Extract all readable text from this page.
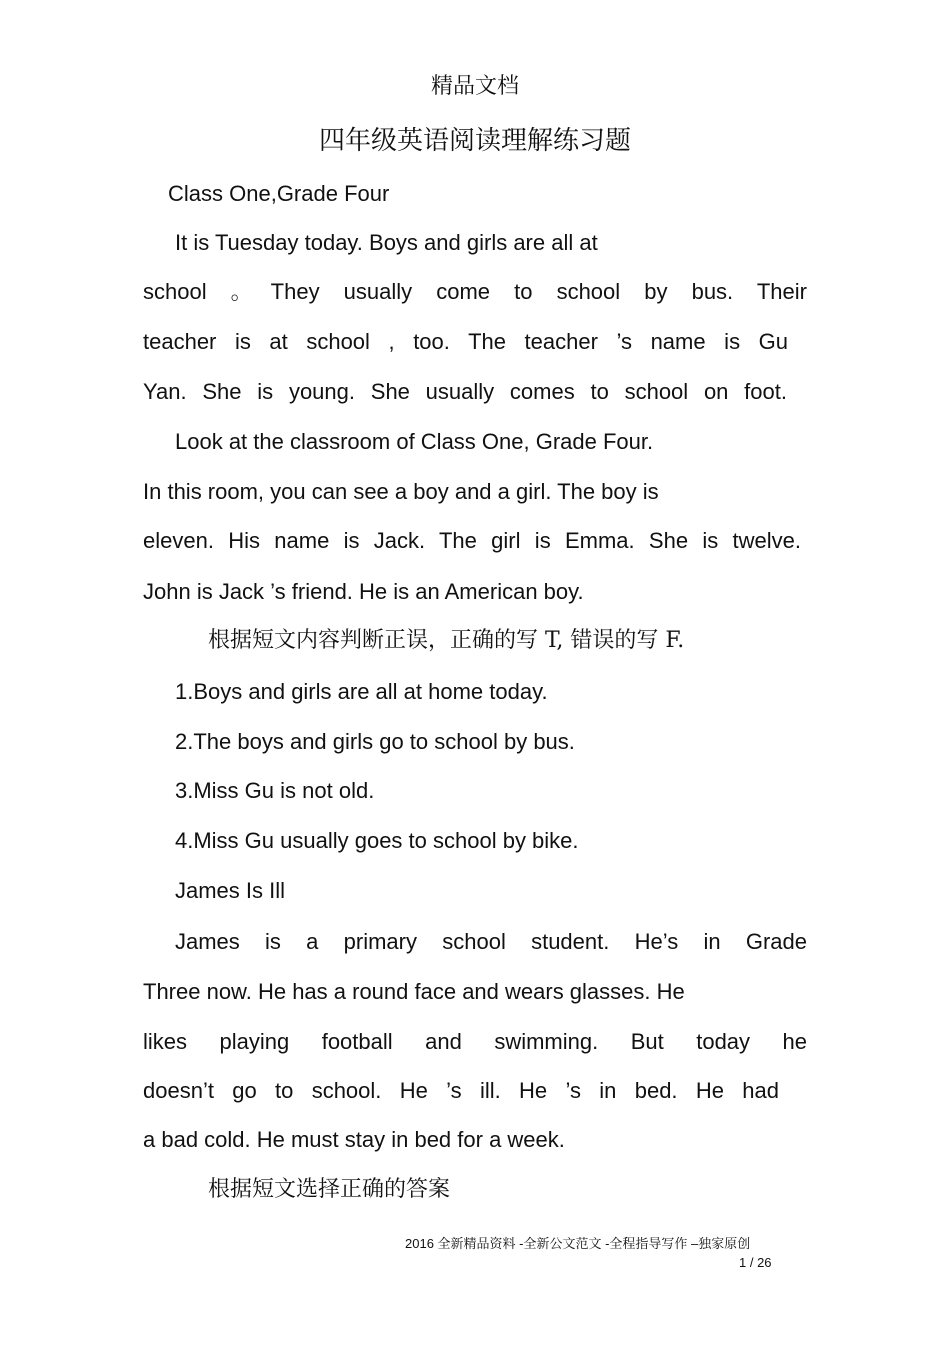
精品文档
四年级英语阅读理解练习题
Class One,Grade Four
It is Tuesday today. Boys and girls are all at
school 。They usually come to school by bus. Their
teacher is at school , too. The teacher ’s name is Gu
Yan. She is young. She usually comes to school on foot.
Look at the classroom of Class One, Grade Four.
In this room, you can see a boy and a girl. The boy is
eleven. His name is Jack. The girl is Emma. She is twelve.
John is Jack ’s friend. He is an American boy.
根据短文内容判断正误，正确的写 T, 错误的写 F.
1.Boys and girls are all at home today.
2.The boys and girls go to school by bus.
3.Miss Gu is not old.
4.Miss Gu usually goes to school by bike.
James Is Ill
James is a primary school student. He’s in Grade
Three now. He has a round face and wears glasses. He
likes playing football and swimming. But today he
doesn’t go to school. He ’s ill. He ’s in bed. He had
a bad cold. He must stay in bed for a week.
根据短文选择正确的答案
2016 全新精品资料 -全新公文范文 -全程指导写作 –独家原创
1 / 26
